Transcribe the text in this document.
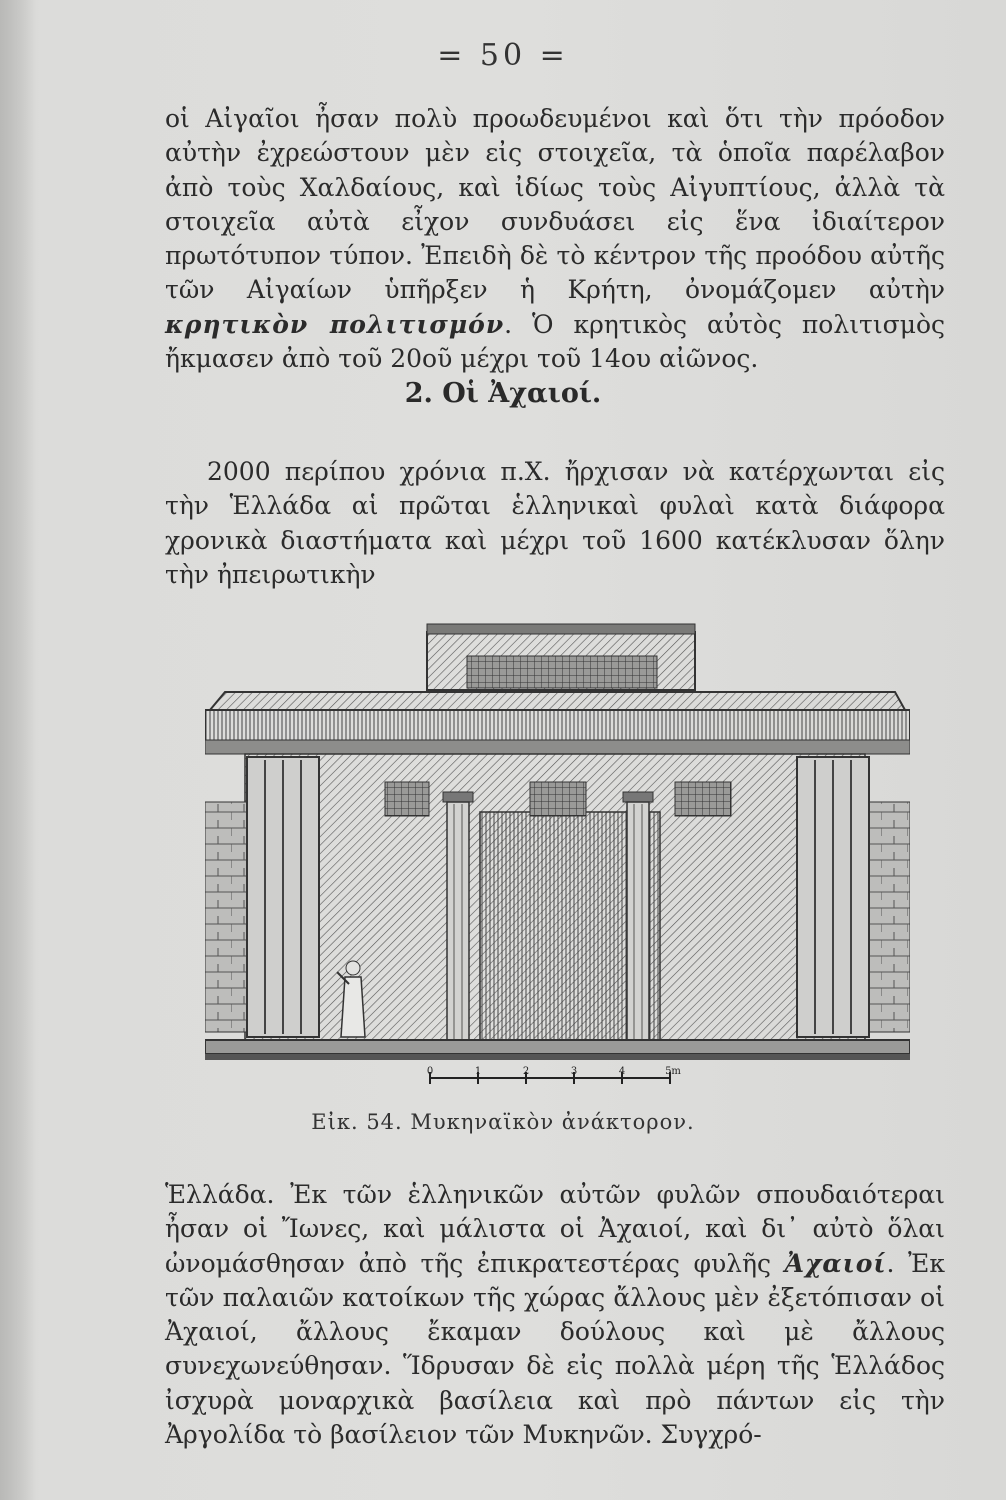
= 50 =

οἱ Αἰγαῖοι ἦσαν πολὺ προωδευμένοι καὶ ὅτι τὴν πρόοδον αὐτὴν ἐχρεώστουν μὲν εἰς στοιχεῖα, τὰ ὁποῖα παρέλαβον ἀπὸ τοὺς Χαλδαίους, καὶ ἰδίως τοὺς Αἰγυπτίους, ἀλλὰ τὰ στοιχεῖα αὐτὰ εἶχον συνδυάσει εἰς ἕνα ἰδιαίτερον πρωτότυπον τύπον. Ἐπειδὴ δὲ τὸ κέντρον τῆς προόδου αὐτῆς τῶν Αἰγαίων ὑπῆρξεν ἡ Κρήτη, ὀνομάζομεν αὐτὴν κρητικὸν πολιτισμόν. Ὁ κρητικὸς αὐτὸς πολιτισμὸς ἤκμασεν ἀπὸ τοῦ 20οῦ μέχρι τοῦ 14ου αἰῶνος.

2. Οἱ Ἀχαιοί.

2000 περίπου χρόνια π.Χ. ἤρχισαν νὰ κατέρχωνται εἰς τὴν Ἑλλάδα αἱ πρῶται ἑλληνικαὶ φυλαὶ κατὰ διάφορα χρονικὰ διαστήματα καὶ μέχρι τοῦ 1600 κατέκλυσαν ὅλην τὴν ἠπειρωτικὴν

0	1	2	3	4	5m
Εἰκ. 54. Μυκηναϊκὸν ἀνάκτορον.

Ἑλλάδα. Ἐκ τῶν ἑλληνικῶν αὐτῶν φυλῶν σπουδαιότεραι ἦσαν οἱ Ἴωνες, καὶ μάλιστα οἱ Ἀχαιοί, καὶ δι᾽ αὐτὸ ὅλαι ὠνομάσθησαν ἀπὸ τῆς ἐπικρατεστέρας φυλῆς Ἀχαιοί. Ἐκ τῶν παλαιῶν κατοίκων τῆς χώρας ἄλλους μὲν ἐξετόπισαν οἱ Ἀχαιοί, ἄλλους ἔκαμαν δούλους καὶ μὲ ἄλλους συνεχωνεύθησαν. Ἵδρυσαν δὲ εἰς πολλὰ μέρη τῆς Ἑλλάδος ἰσχυρὰ μοναρχικὰ βασίλεια καὶ πρὸ πάντων εἰς τὴν Ἀργολίδα τὸ βασίλειον τῶν Μυκηνῶν. Συγχρό-
